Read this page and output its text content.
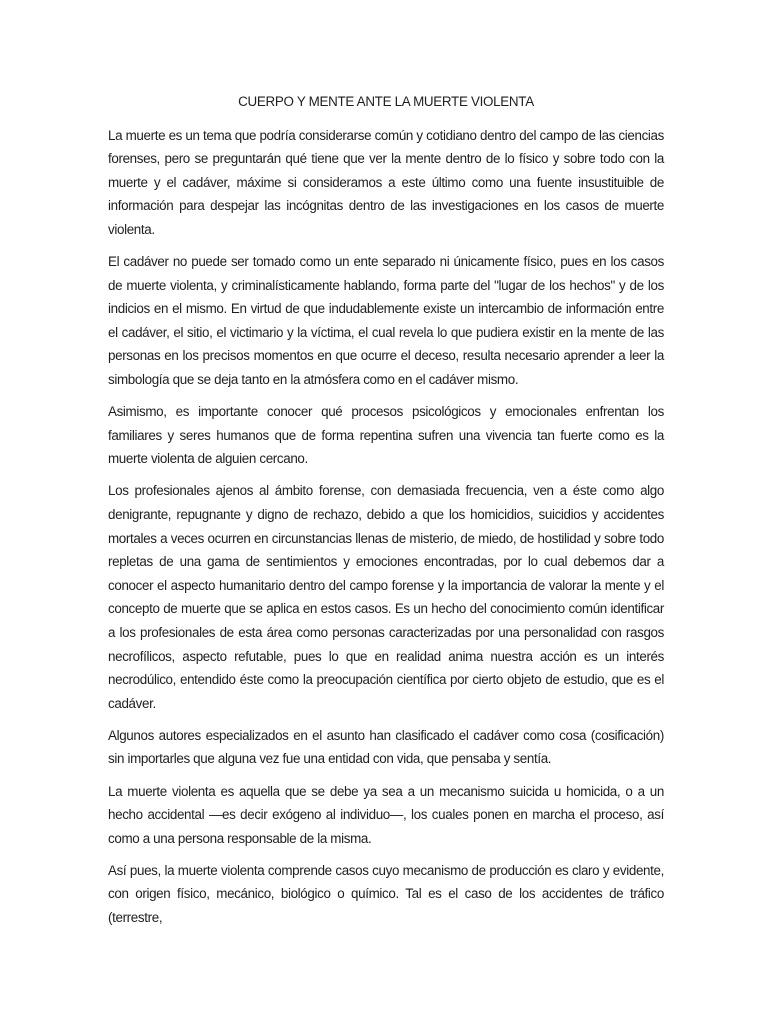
CUERPO Y MENTE ANTE LA MUERTE VIOLENTA

La muerte es un tema que podría considerarse común y cotidiano dentro del campo de las ciencias forenses, pero se preguntarán qué tiene que ver la mente dentro de lo físico y sobre todo con la muerte y el cadáver, máxime si consideramos a este último como una fuente insustituible de información para despejar las incógnitas dentro de las investigaciones en los casos de muerte violenta.

El cadáver no puede ser tomado como un ente separado ni únicamente físico, pues en los casos de muerte violenta, y criminalísticamente hablando, forma parte del "lugar de los hechos" y de los indicios en el mismo. En virtud de que indudablemente existe un intercambio de información entre el cadáver, el sitio, el victimario y la víctima, el cual revela lo que pudiera existir en la mente de las personas en los precisos momentos en que ocurre el deceso, resulta necesario aprender a leer la simbología que se deja tanto en la atmósfera como en el cadáver mismo.

Asimismo, es importante conocer qué procesos psicológicos y emocionales enfrentan los familiares y seres humanos que de forma repentina sufren una vivencia tan fuerte como es la muerte violenta de alguien cercano.

Los profesionales ajenos al ámbito forense, con demasiada frecuencia, ven a éste como algo denigrante, repugnante y digno de rechazo, debido a que los homicidios, suicidios y accidentes mortales a veces ocurren en circunstancias llenas de misterio, de miedo, de hostilidad y sobre todo repletas de una gama de sentimientos y emociones encontradas, por lo cual debemos dar a conocer el aspecto humanitario dentro del campo forense y la importancia de valorar la mente y el concepto de muerte que se aplica en estos casos. Es un hecho del conocimiento común identificar a los profesionales de esta área como personas caracterizadas por una personalidad con rasgos necrofílicos, aspecto refutable, pues lo que en realidad anima nuestra acción es un interés necrodúlico, entendido éste como la preocupación científica por cierto objeto de estudio, que es el cadáver.

Algunos autores especializados en el asunto han clasificado el cadáver como cosa (cosificación) sin importarles que alguna vez fue una entidad con vida, que pensaba y sentía.

La muerte violenta es aquella que se debe ya sea a un mecanismo suicida u homicida, o a un hecho accidental —es decir exógeno al individuo—, los cuales ponen en marcha el proceso, así como a una persona responsable de la misma.

Así pues, la muerte violenta comprende casos cuyo mecanismo de producción es claro y evidente, con origen físico, mecánico, biológico o químico. Tal es el caso de los accidentes de tráfico (terrestre,
